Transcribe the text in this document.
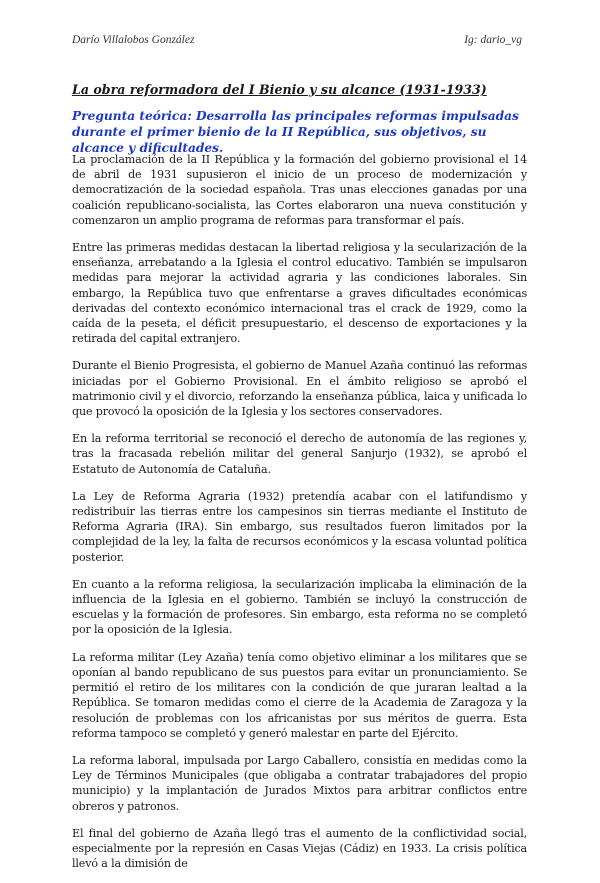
Darío Villalobos González	Ig: dario_vg
La obra reformadora del I Bienio y su alcance (1931-1933)

Pregunta teórica: Desarrolla las principales reformas impulsadas durante el primer bienio de la II República, sus objetivos, su alcance y dificultades.

La proclamación de la II República y la formación del gobierno provisional el 14 de abril de 1931 supusieron el inicio de un proceso de modernización y democratización de la sociedad española. Tras unas elecciones ganadas por una coalición republicano-socialista, las Cortes elaboraron una nueva constitución y comenzaron un amplio programa de reformas para transformar el país.

Entre las primeras medidas destacan la libertad religiosa y la secularización de la enseñanza, arrebatando a la Iglesia el control educativo. También se impulsaron medidas para mejorar la actividad agraria y las condiciones laborales. Sin embargo, la República tuvo que enfrentarse a graves dificultades económicas derivadas del contexto económico internacional tras el crack de 1929, como la caída de la peseta, el déficit presupuestario, el descenso de exportaciones y la retirada del capital extranjero.

Durante el Bienio Progresista, el gobierno de Manuel Azaña continuó las reformas iniciadas por el Gobierno Provisional. En el ámbito religioso se aprobó el matrimonio civil y el divorcio, reforzando la enseñanza pública, laica y unificada lo que provocó la oposición de la Iglesia y los sectores conservadores.

En la reforma territorial se reconoció el derecho de autonomía de las regiones y, tras la fracasada rebelión militar del general Sanjurjo (1932), se aprobó el Estatuto de Autonomía de Cataluña.

La Ley de Reforma Agraria (1932) pretendía acabar con el latifundismo y redistribuir las tierras entre los campesinos sin tierras mediante el Instituto de Reforma Agraria (IRA). Sin embargo, sus resultados fueron limitados por la complejidad de la ley, la falta de recursos económicos y la escasa voluntad política posterior.

En cuanto a la reforma religiosa, la secularización implicaba la eliminación de la influencia de la Iglesia en el gobierno. También se incluyó la construcción de escuelas y la formación de profesores. Sin embargo, esta reforma no se completó por la oposición de la Iglesia.

La reforma militar (Ley Azaña) tenía como objetivo eliminar a los militares que se oponían al bando republicano de sus puestos para evitar un pronunciamiento. Se permitió el retiro de los militares con la condición de que juraran lealtad a la República. Se tomaron medidas como el cierre de la Academia de Zaragoza y la resolución de problemas con los africanistas por sus méritos de guerra. Esta reforma tampoco se completó y generó malestar en parte del Ejército.

La reforma laboral, impulsada por Largo Caballero, consistía en medidas como la Ley de Términos Municipales (que obligaba a contratar trabajadores del propio municipio) y la implantación de Jurados Mixtos para arbitrar conflictos entre obreros y patronos.

El final del gobierno de Azaña llegó tras el aumento de la conflictividad social, especialmente por la represión en Casas Viejas (Cádiz) en 1933. La crisis política llevó a la dimisión de
